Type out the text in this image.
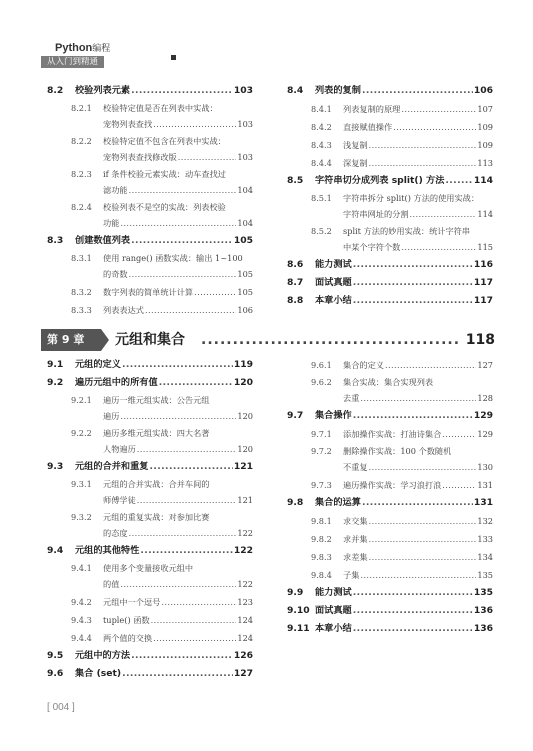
Python编程
从入门到精通
8.2 校验列表元素 .....	103
8.2.1 校验特定值是否在列表中实战：
宠物列表查找 .....	103
8.2.2 校验特定值不包含在列表中实战：
宠物列表查找修改版 .....	103
8.2.3 if 条件校验元素实战：动车查找过
滤功能 .....	104
8.2.4 校验列表不是空的实战：列表校验
功能 .....	104
8.3 创建数值列表 .....	105
8.3.1 使用 range() 函数实战：输出 1~100
的奇数 .....	105
8.3.2 数字列表的简单统计计算 .....	105
8.3.3 列表表达式 .....	106
8.4 列表的复制 .....	106
8.4.1 列表复制的原理 .....	107
8.4.2 直接赋值操作 .....	109
8.4.3 浅复制 .....	109
8.4.4 深复制 .....	113
8.5 字符串切分成列表 split() 方法 .....	114
8.5.1 字符串拆分 split() 方法的使用实战：
字符串网址的分割 .....	114
8.5.2 split 方法的妙用实战：统计字符串
中某个字符个数 .....	115
8.6 能力测试 .....	116
8.7 面试真题 .....	117
8.8 本章小结 .....	117
第 9 章	元组和集合 .....	118
9.1 元组的定义 .....	119
9.2 遍历元组中的所有值 .....	120
9.2.1 遍历一维元组实战：公告元组
遍历 .....	120
9.2.2 遍历多维元组实战：四大名著
人物遍历 .....	120
9.3 元组的合并和重复 .....	121
9.3.1 元组的合并实战：合并车间的
师傅学徒 .....	121
9.3.2 元组的重复实战：对参加比赛
的态度 .....	122
9.4 元组的其他特性 .....	122
9.4.1 使用多个变量接收元组中
的值 .....	122
9.4.2 元组中一个逗号 .....	123
9.4.3 tuple() 函数 .....	124
9.4.4 两个值的交换 .....	124
9.5 元组中的方法 .....	126
9.6 集合 (set) .....	127
9.6.1 集合的定义 .....	127
9.6.2 集合实战：集合实现列表
去重 .....	128
9.7 集合操作 .....	129
9.7.1 添加操作实战：打油诗集合 .....	129
9.7.2 删除操作实战：100 个数随机
不重复 .....	130
9.7.3 遍历操作实战：学习浪打浪 .....	131
9.8 集合的运算 .....	131
9.8.1 求交集 .....	132
9.8.2 求并集 .....	133
9.8.3 求差集 .....	134
9.8.4 子集 .....	135
9.9 能力测试 .....	135
9.10 面试真题 .....	136
9.11 本章小结 .....	136
[ 004 ]
